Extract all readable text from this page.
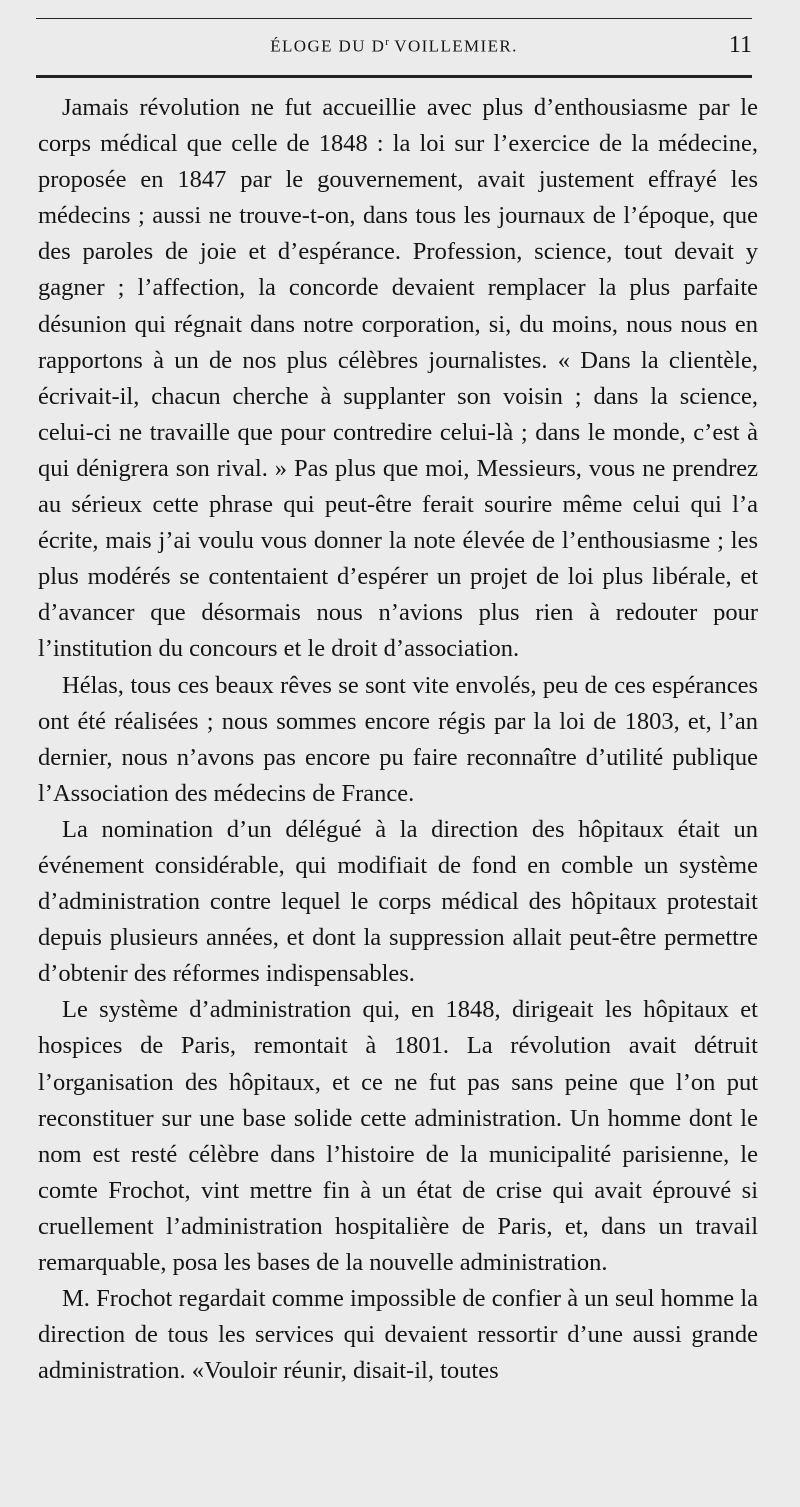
ÉLOGE DU $D^r$ VOILLEMIER.	11

Jamais révolution ne fut accueillie avec plus d’enthousiasme par le corps médical que celle de 1848 : la loi sur l’exercice de la médecine, proposée en 1847 par le gouvernement, avait justement effrayé les médecins ; aussi ne trouve-t-on, dans tous les journaux de l’époque, que des paroles de joie et d’espérance. Profession, science, tout devait y gagner ; l’affection, la concorde devaient remplacer la plus parfaite désunion qui régnait dans notre corporation, si, du moins, nous nous en rapportons à un de nos plus célèbres journalistes. « Dans la clientèle, écrivait-il, chacun cherche à supplanter son voisin ; dans la science, celui-ci ne travaille que pour contredire celui-là ; dans le monde, c’est à qui dénigrera son rival. » Pas plus que moi, Messieurs, vous ne prendrez au sérieux cette phrase qui peut-être ferait sourire même celui qui l’a écrite, mais j’ai voulu vous donner la note élevée de l’enthousiasme ; les plus modérés se contentaient d’espérer un projet de loi plus libérale, et d’avancer que désormais nous n’avions plus rien à redouter pour l’institution du concours et le droit d’association.

Hélas, tous ces beaux rêves se sont vite envolés, peu de ces espérances ont été réalisées ; nous sommes encore régis par la loi de 1803, et, l’an dernier, nous n’avons pas encore pu faire reconnaître d’utilité publique l’Association des médecins de France.

La nomination d’un délégué à la direction des hôpitaux était un événement considérable, qui modifiait de fond en comble un système d’administration contre lequel le corps médical des hôpitaux protestait depuis plusieurs années, et dont la suppression allait peut-être permettre d’obtenir des réformes indispensables.

Le système d’administration qui, en 1848, dirigeait les hôpitaux et hospices de Paris, remontait à 1801. La révolution avait détruit l’organisation des hôpitaux, et ce ne fut pas sans peine que l’on put reconstituer sur une base solide cette administration. Un homme dont le nom est resté célèbre dans l’histoire de la municipalité parisienne, le comte Frochot, vint mettre fin à un état de crise qui avait éprouvé si cruellement l’administration hospitalière de Paris, et, dans un travail remarquable, posa les bases de la nouvelle administration.

M. Frochot regardait comme impossible de confier à un seul homme la direction de tous les services qui devaient ressortir d’une aussi grande administration. «Vouloir réunir, disait-il, toutes
